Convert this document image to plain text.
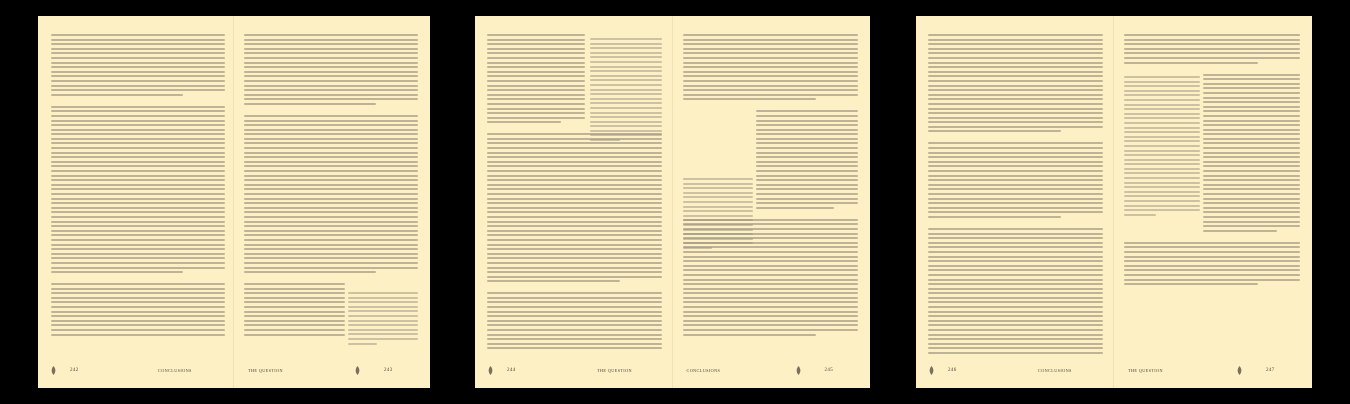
242	CONCLUSIONS	THE QUESTION	243	244	THE QUESTION	CONCLUSIONS	245	246	CONCLUSIONS	THE QUESTION	247
